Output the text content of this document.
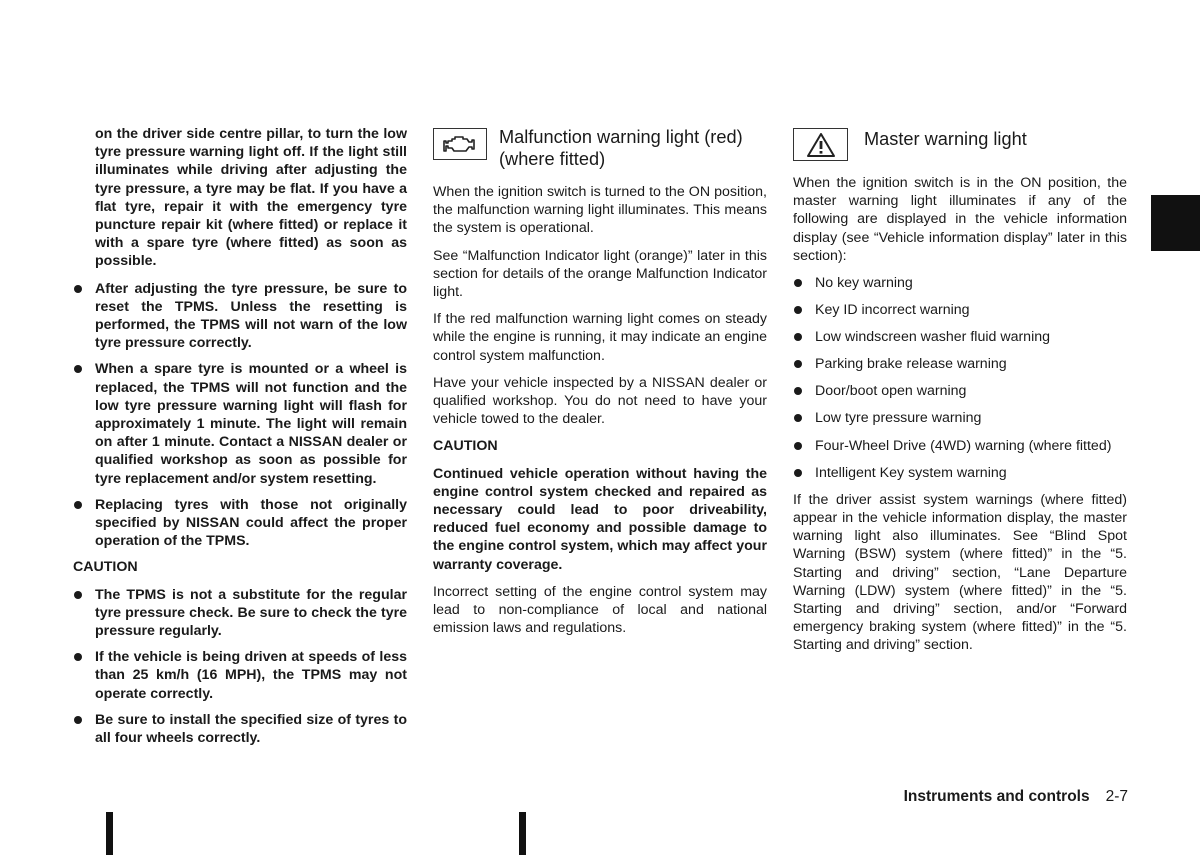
on the driver side centre pillar, to turn the low tyre pressure warning light off. If the light still illuminates while driving after adjusting the tyre pressure, a tyre may be flat. If you have a flat tyre, repair it with the emergency tyre puncture repair kit (where fitted) or replace it with a spare tyre (where fitted) as soon as possible.

After adjusting the tyre pressure, be sure to reset the TPMS. Unless the resetting is performed, the TPMS will not warn of the low tyre pressure correctly.
When a spare tyre is mounted or a wheel is replaced, the TPMS will not function and the low tyre pressure warning light will flash for approximately 1 minute. The light will remain on after 1 minute. Contact a NISSAN dealer or qualified workshop as soon as possible for tyre replacement and/or system resetting.
Replacing tyres with those not originally specified by NISSAN could affect the proper operation of the TPMS.
CAUTION
The TPMS is not a substitute for the regular tyre pressure check. Be sure to check the tyre pressure regularly.
If the vehicle is being driven at speeds of less than 25 km/h (16 MPH), the TPMS may not operate correctly.
Be sure to install the specified size of tyres to all four wheels correctly.
Malfunction warning light (red) (where fitted)

When the ignition switch is turned to the ON position, the malfunction warning light illuminates. This means the system is operational.

See “Malfunction Indicator light (orange)” later in this section for details of the orange Malfunction Indicator light.

If the red malfunction warning light comes on steady while the engine is running, it may indicate an engine control system malfunction.

Have your vehicle inspected by a NISSAN dealer or qualified workshop. You do not need to have your vehicle towed to the dealer.

CAUTION

Continued vehicle operation without having the engine control system checked and repaired as necessary could lead to poor driveability, reduced fuel economy and possible damage to the engine control system, which may affect your warranty coverage.

Incorrect setting of the engine control system may lead to non-compliance of local and national emission laws and regulations.

Master warning light

When the ignition switch is in the ON position, the master warning light illuminates if any of the following are displayed in the vehicle information display (see “Vehicle information display” later in this section):

No key warning
Key ID incorrect warning
Low windscreen washer fluid warning
Parking brake release warning
Door/boot open warning
Low tyre pressure warning
Four-Wheel Drive (4WD) warning (where fitted)
Intelligent Key system warning

If the driver assist system warnings (where fitted) appear in the vehicle information display, the master warning light also illuminates. See “Blind Spot Warning (BSW) system (where fitted)” in the “5. Starting and driving” section, “Lane Departure Warning (LDW) system (where fitted)” in the “5. Starting and driving” section, and/or “Forward emergency braking system (where fitted)” in the “5. Starting and driving” section.

Instruments and controls 2-7
